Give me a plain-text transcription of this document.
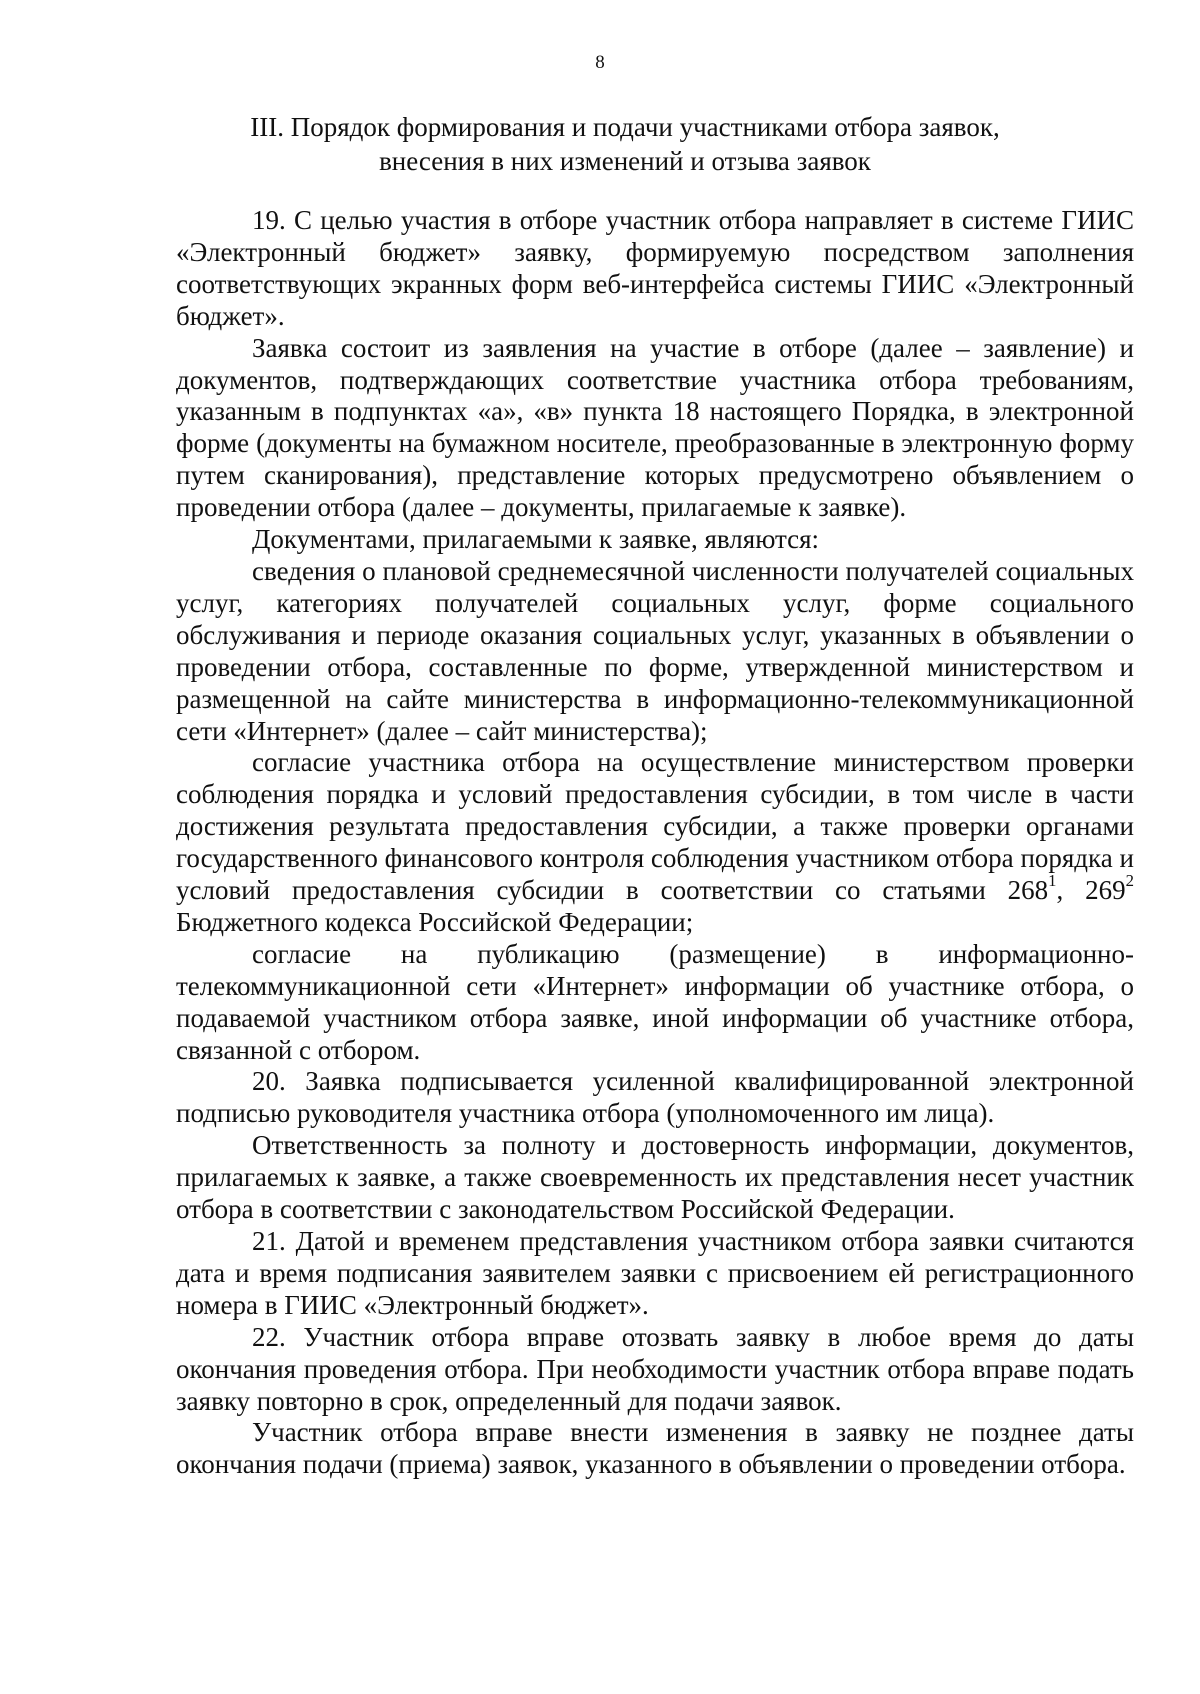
8
III. Порядок формирования и подачи участниками отбора заявок,
внесения в них изменений и отзыва заявок

19. С целью участия в отборе участник отбора направляет в системе ГИИС «Электронный бюджет» заявку, формируемую посредством заполнения соответствующих экранных форм веб-интерфейса системы ГИИС «Электронный бюджет».

Заявка состоит из заявления на участие в отборе (далее – заявление) и документов, подтверждающих соответствие участника отбора требованиям, указанным в подпунктах «а», «в» пункта 18 настоящего Порядка, в электронной форме (документы на бумажном носителе, преобразованные в электронную форму путем сканирования), представление которых предусмотрено объявлением о проведении отбора (далее – документы, прилагаемые к заявке).

Документами, прилагаемыми к заявке, являются:

сведения о плановой среднемесячной численности получателей социальных услуг, категориях получателей социальных услуг, форме социального обслуживания и периоде оказания социальных услуг, указанных в объявлении о проведении отбора, составленные по форме, утвержденной министерством и размещенной на сайте министерства в информационно-телекоммуникационной сети «Интернет» (далее – сайт министерства);

согласие участника отбора на осуществление министерством проверки соблюдения порядка и условий предоставления субсидии, в том числе в части достижения результата предоставления субсидии, а также проверки органами государственного финансового контроля соблюдения участником отбора порядка и условий предоставления субсидии в соответствии со статьями $268^1$, $269^2$ Бюджетного кодекса Российской Федерации;

согласие на публикацию (размещение) в информационно-телекоммуникационной сети «Интернет» информации об участнике отбора, о подаваемой участником отбора заявке, иной информации об участнике отбора, связанной с отбором.

20. Заявка подписывается усиленной квалифицированной электронной подписью руководителя участника отбора (уполномоченного им лица).

Ответственность за полноту и достоверность информации, документов, прилагаемых к заявке, а также своевременность их представления несет участник отбора в соответствии с законодательством Российской Федерации.

21. Датой и временем представления участником отбора заявки считаются дата и время подписания заявителем заявки с присвоением ей регистрационного номера в ГИИС «Электронный бюджет».

22. Участник отбора вправе отозвать заявку в любое время до даты окончания проведения отбора. При необходимости участник отбора вправе подать заявку повторно в срок, определенный для подачи заявок.

Участник отбора вправе внести изменения в заявку не позднее даты окончания подачи (приема) заявок, указанного в объявлении о проведении отбора.
